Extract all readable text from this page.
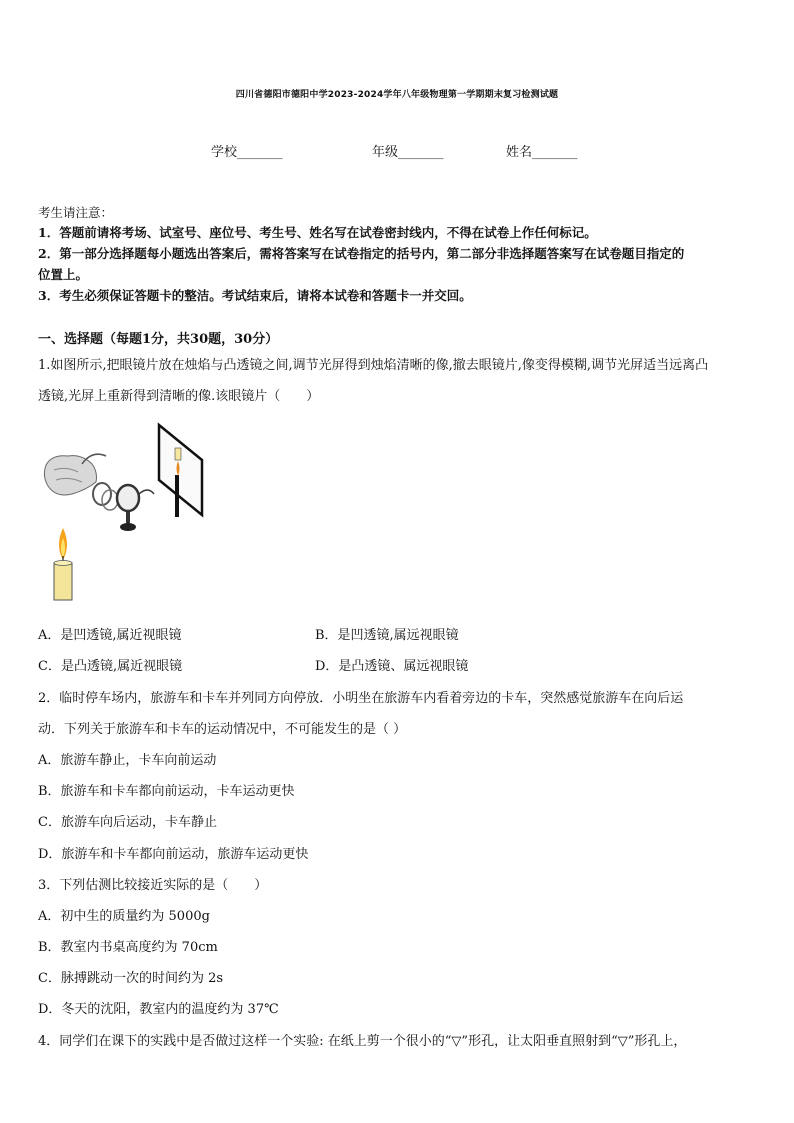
四川省德阳市德阳中学2023-2024学年八年级物理第一学期期末复习检测试题
学校_______	年级_______	姓名_______
考生请注意：
1．答题前请将考场、试室号、座位号、考生号、姓名写在试卷密封线内，不得在试卷上作任何标记。
2．第一部分选择题每小题选出答案后，需将答案写在试卷指定的括号内，第二部分非选择题答案写在试卷题目指定的
位置上。
3．考生必须保证答题卡的整洁。考试结束后，请将本试卷和答题卡一并交回。
一、选择题（每题1分，共30题，30分）
1.如图所示,把眼镜片放在烛焰与凸透镜之间,调节光屏得到烛焰清晰的像,撤去眼镜片,像变得模糊,调节光屏适当远离凸
透镜,光屏上重新得到清晰的像.该眼镜片（　　）
A．是凹透镜,属近视眼镜	B．是凹透镜,属远视眼镜
C．是凸透镜,属近视眼镜	D．是凸透镜、属远视眼镜
2．临时停车场内，旅游车和卡车并列同方向停放．小明坐在旅游车内看着旁边的卡车，突然感觉旅游车在向后运
动．下列关于旅游车和卡车的运动情况中，不可能发生的是（ ）
A．旅游车静止，卡车向前运动
B．旅游车和卡车都向前运动，卡车运动更快
C．旅游车向后运动，卡车静止
D．旅游车和卡车都向前运动，旅游车运动更快
3．下列估测比较接近实际的是（　　）
A．初中生的质量约为 5000g
B．教室内书桌高度约为 70cm
C．脉搏跳动一次的时间约为 2s
D．冬天的沈阳，教室内的温度约为 37℃
4．同学们在课下的实践中是否做过这样一个实验: 在纸上剪一个很小的“▽”形孔，让太阳垂直照射到“▽”形孔上，
